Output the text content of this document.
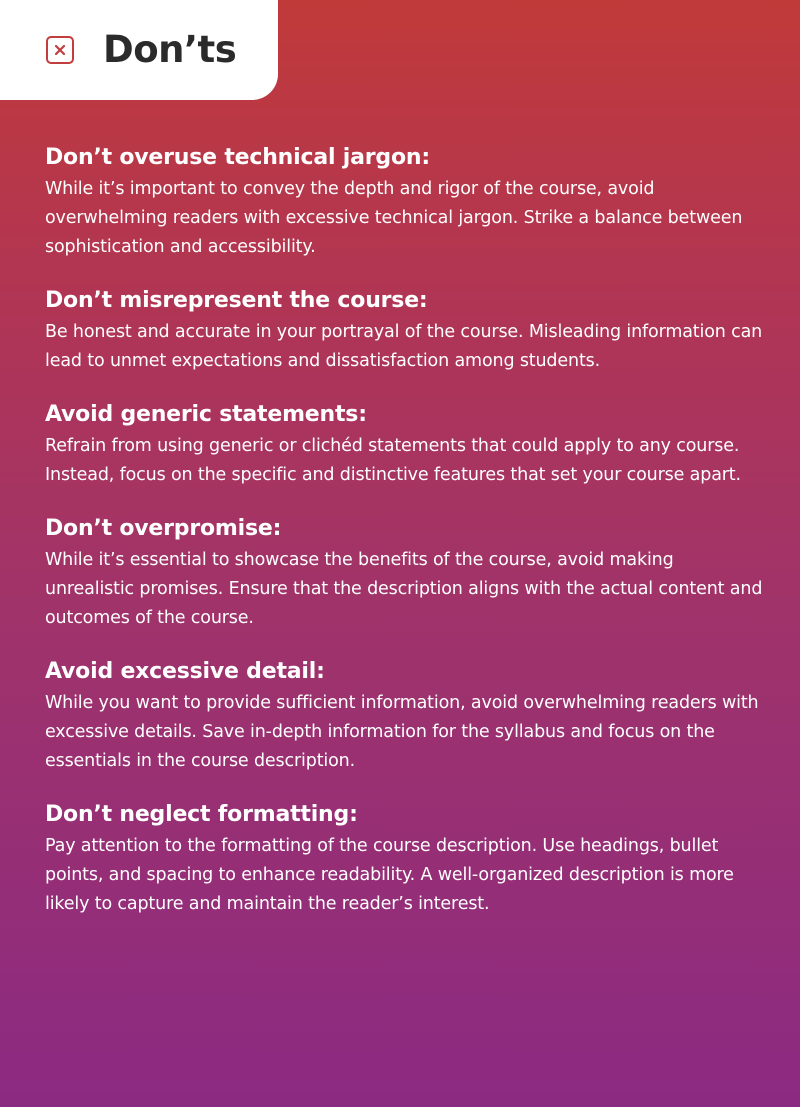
Don’ts
Don’t overuse technical jargon:
While it’s important to convey the depth and rigor of the course, avoid overwhelming readers with excessive technical jargon. Strike a balance between sophistication and accessibility.
Don’t misrepresent the course:
Be honest and accurate in your portrayal of the course. Misleading information can lead to unmet expectations and dissatisfaction among students.
Avoid generic statements:
Refrain from using generic or clichéd statements that could apply to any course. Instead, focus on the specific and distinctive features that set your course apart.
Don’t overpromise:
While it’s essential to showcase the benefits of the course, avoid making unrealistic promises. Ensure that the description aligns with the actual content and outcomes of the course.
Avoid excessive detail:
While you want to provide sufficient information, avoid overwhelming readers with excessive details. Save in-depth information for the syllabus and focus on the essentials in the course description.
Don’t neglect formatting:
Pay attention to the formatting of the course description. Use headings, bullet points, and spacing to enhance readability. A well-organized description is more likely to capture and maintain the reader’s interest.
